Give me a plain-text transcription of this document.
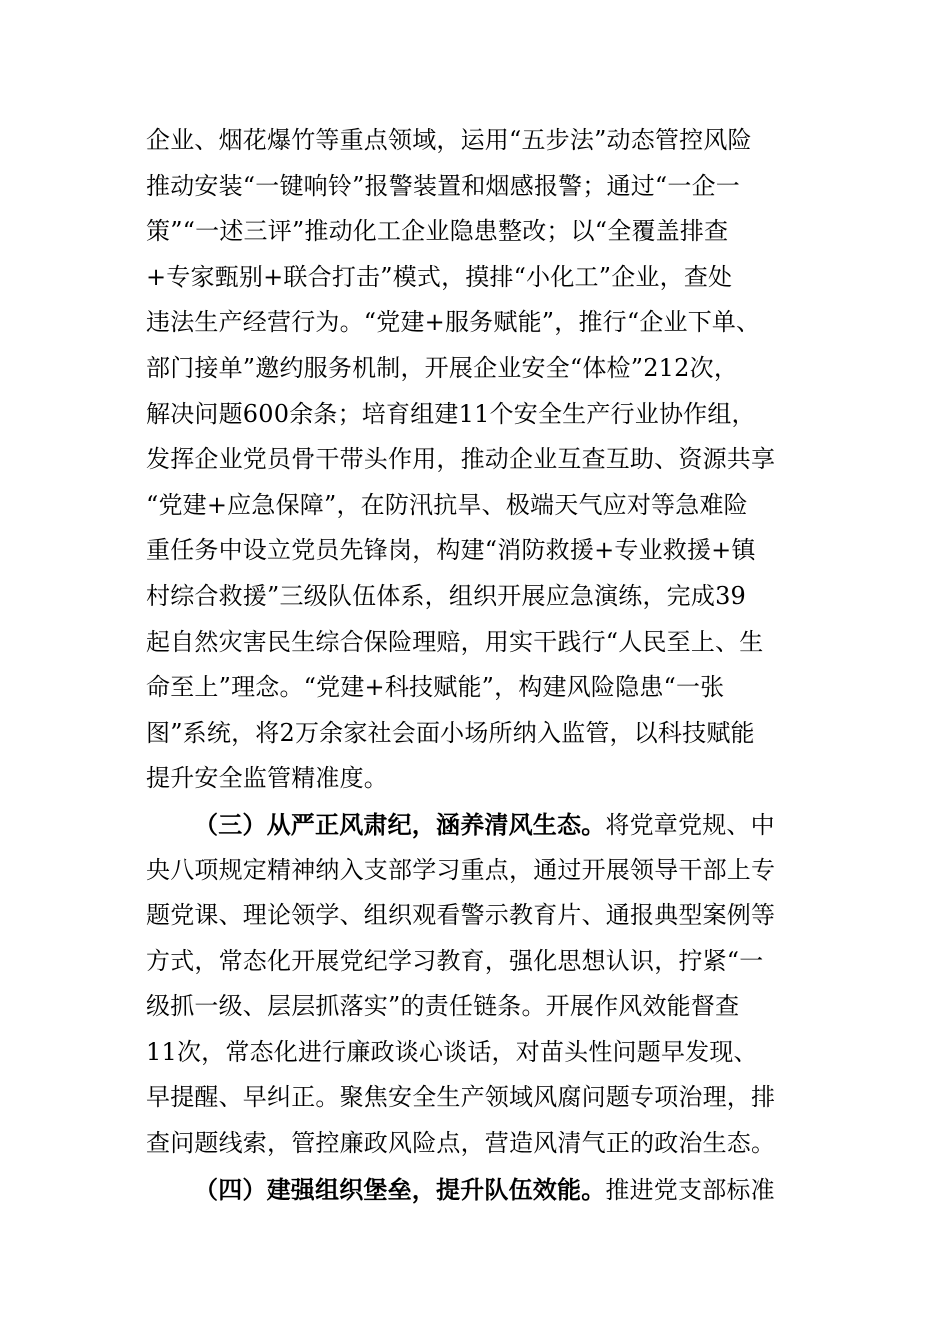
企业、烟花爆竹等重点领域，运用“五步法”动态管控风险
推动安装“一键响铃”报警装置和烟感报警；通过“一企一
策”“一述三评”推动化工企业隐患整改；以“全覆盖排查
+专家甄别+联合打击”模式，摸排“小化工”企业，查处
违法生产经营行为。“党建+服务赋能”，推行“企业下单、
部门接单”邀约服务机制，开展企业安全“体检”212次，
解决问题600余条；培育组建11个安全生产行业协作组，
发挥企业党员骨干带头作用，推动企业互查互助、资源共享
“党建+应急保障”，在防汛抗旱、极端天气应对等急难险
重任务中设立党员先锋岗，构建“消防救援+专业救援+镇
村综合救援”三级队伍体系，组织开展应急演练，完成39
起自然灾害民生综合保险理赔，用实干践行“人民至上、生
命至上”理念。“党建+科技赋能”，构建风险隐患“一张
图”系统，将2万余家社会面小场所纳入监管，以科技赋能
提升安全监管精准度。
（三）从严正风肃纪，涵养清风生态。将党章党规、中
央八项规定精神纳入支部学习重点，通过开展领导干部上专
题党课、理论领学、组织观看警示教育片、通报典型案例等
方式，常态化开展党纪学习教育，强化思想认识，拧紧“一
级抓一级、层层抓落实”的责任链条。开展作风效能督查
11次，常态化进行廉政谈心谈话，对苗头性问题早发现、
早提醒、早纠正。聚焦安全生产领域风腐问题专项治理，排
查问题线索，管控廉政风险点，营造风清气正的政治生态。
（四）建强组织堡垒，提升队伍效能。推进党支部标准
